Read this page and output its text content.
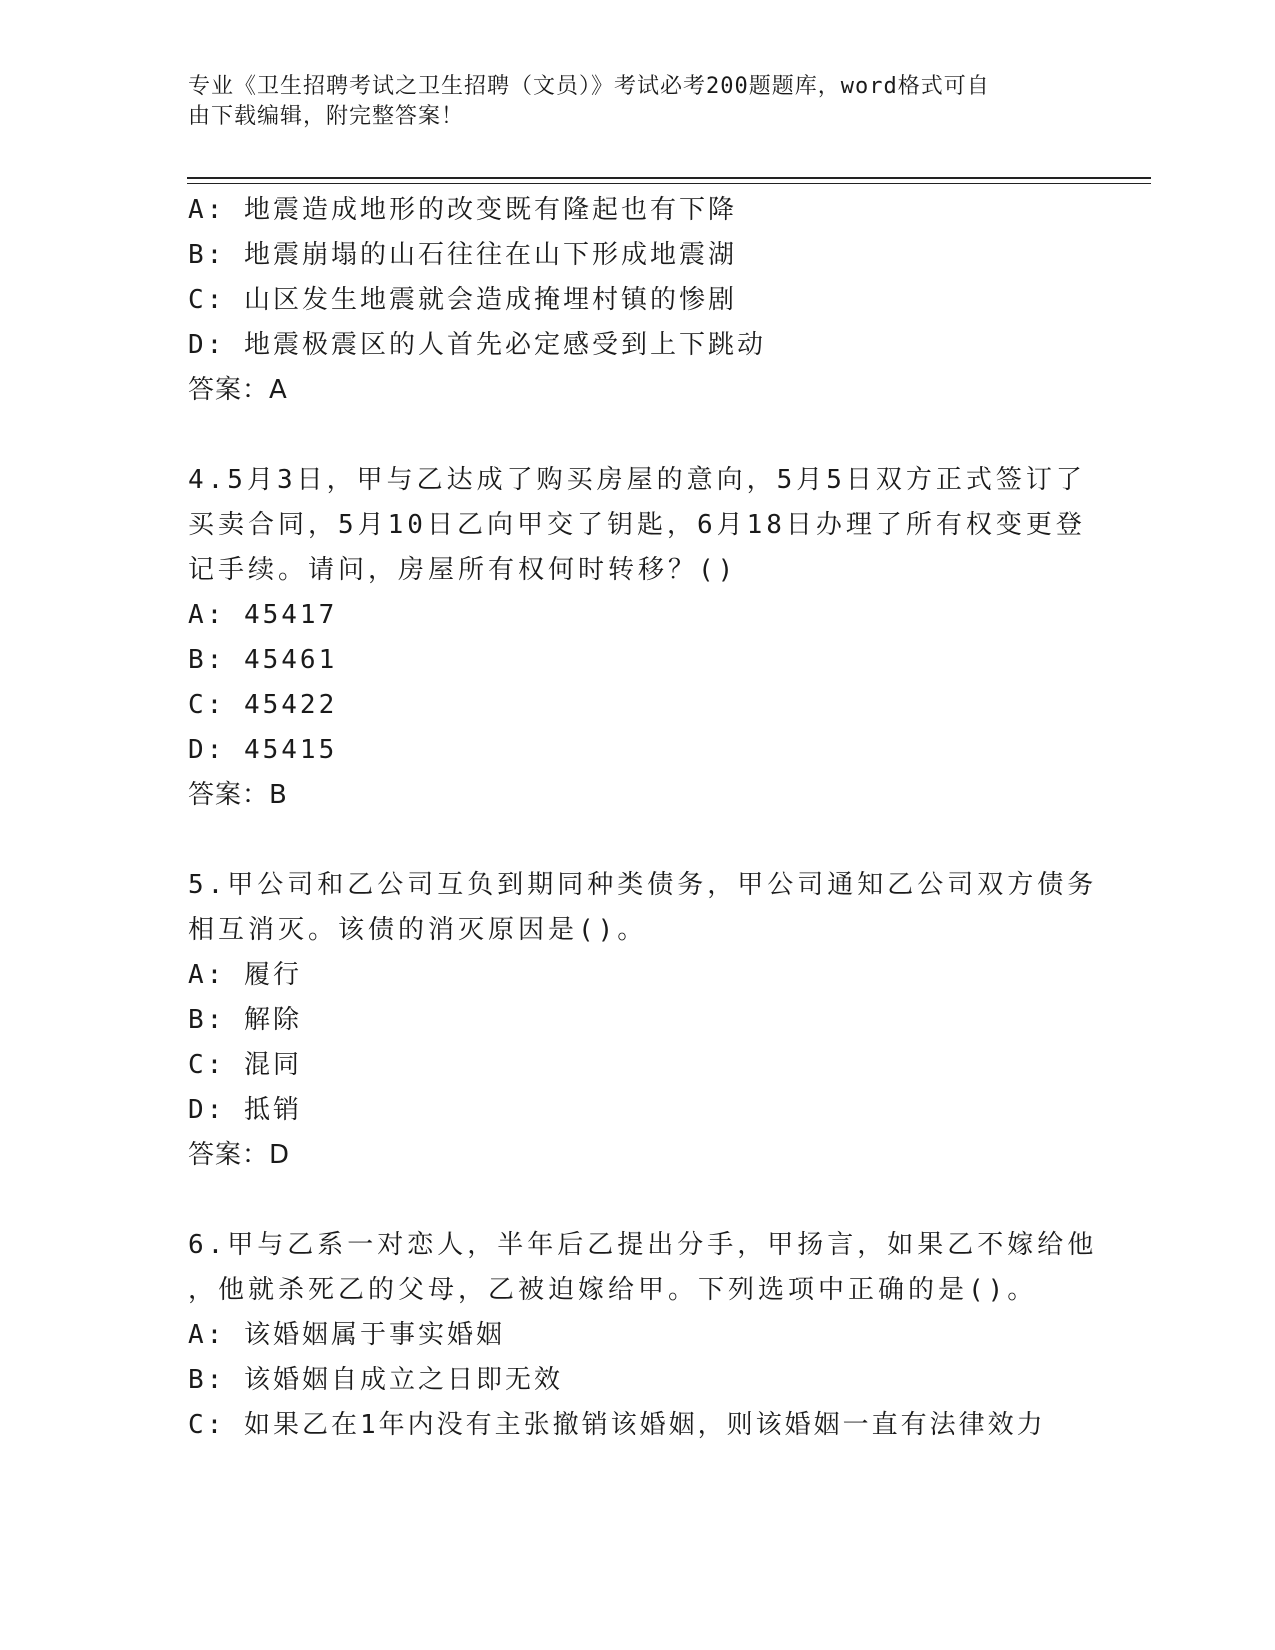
专业《卫生招聘考试之卫生招聘（文员）》考试必考200题题库，word格式可自
由下载编辑，附完整答案！
A: 地震造成地形的改变既有隆起也有下降
B: 地震崩塌的山石往往在山下形成地震湖
C: 山区发生地震就会造成掩埋村镇的惨剧
D: 地震极震区的人首先必定感受到上下跳动
答案：A
4.5月3日，甲与乙达成了购买房屋的意向，5月5日双方正式签订了
买卖合同，5月10日乙向甲交了钥匙，6月18日办理了所有权变更登
记手续。请问，房屋所有权何时转移？()
A: 45417
B: 45461
C: 45422
D: 45415
答案：B
5.甲公司和乙公司互负到期同种类债务，甲公司通知乙公司双方债务
相互消灭。该债的消灭原因是()。
A: 履行
B: 解除
C: 混同
D: 抵销
答案：D
6.甲与乙系一对恋人，半年后乙提出分手，甲扬言，如果乙不嫁给他
，他就杀死乙的父母，乙被迫嫁给甲。下列选项中正确的是()。
A: 该婚姻属于事实婚姻
B: 该婚姻自成立之日即无效
C: 如果乙在1年内没有主张撤销该婚姻，则该婚姻一直有法律效力
